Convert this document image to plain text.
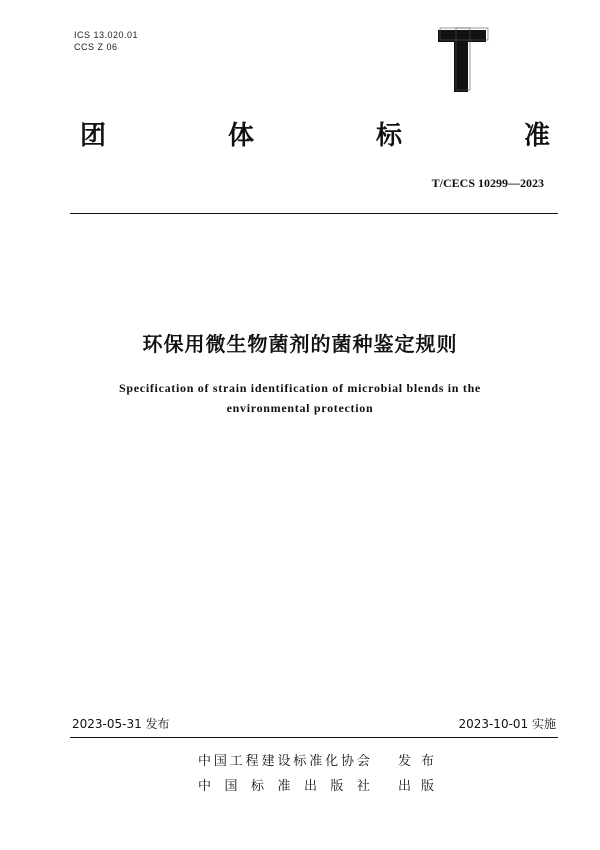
ICS 13.020.01
CCS Z 06
团	体	标	准
T/CECS 10299—2023
环保用微生物菌剂的菌种鉴定规则
Specification of strain identification of microbial blends in the
environmental protection
2023-05-31 发布	2023-10-01 实施
中 国 工 程 建 设 标 准 化 协 会 发 布
中 国 标 准 出 版 社 出 版
